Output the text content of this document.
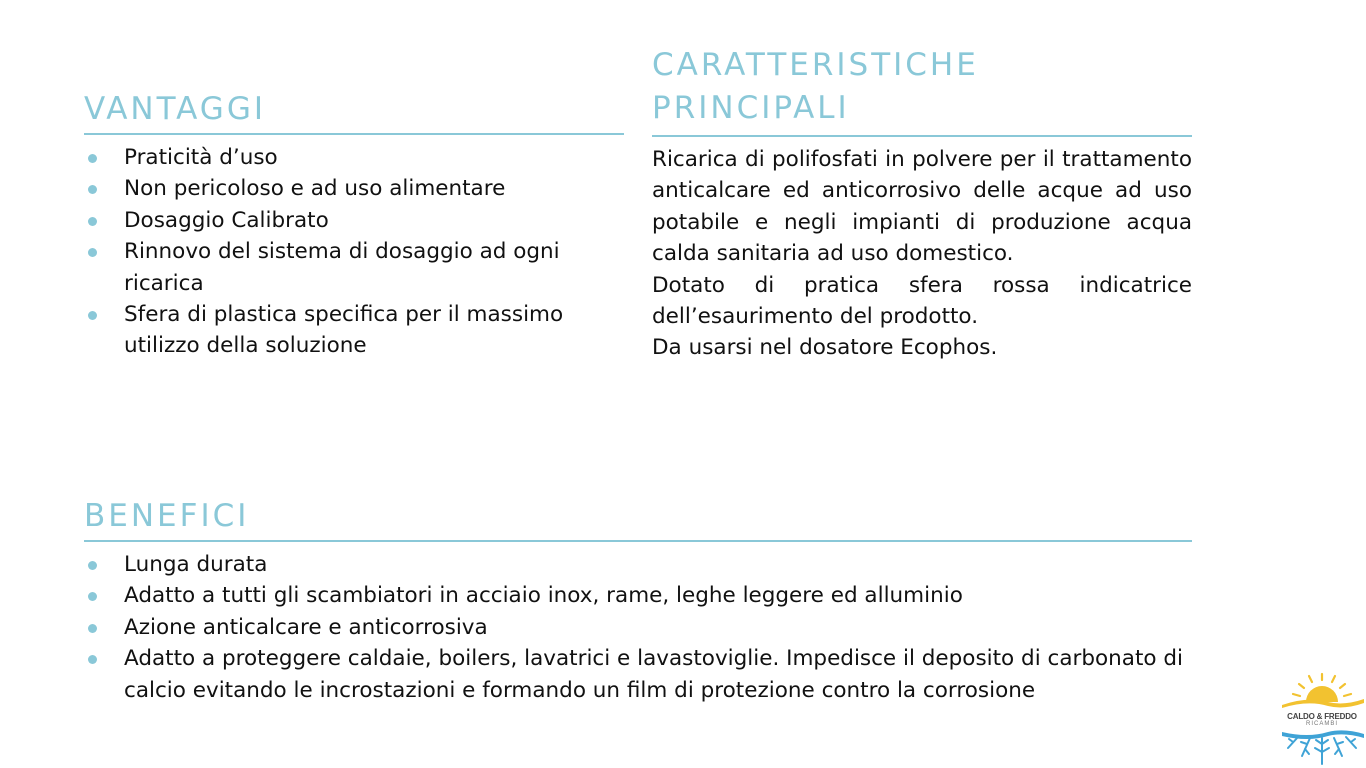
VANTAGGI
Praticità d’uso
Non pericoloso e ad uso alimentare
Dosaggio Calibrato
Rinnovo del sistema di dosaggio ad ogni ricarica
Sfera di plastica specifica per il massimo utilizzo della soluzione
CARATTERISTICHE
PRINCIPALI

Ricarica di polifosfati in polvere per il trattamento anticalcare ed anticorrosivo delle acque ad uso potabile e negli impianti di produzione acqua calda sanitaria ad uso domestico.

Dotato di pratica sfera rossa indicatrice dell’esaurimento del prodotto.

Da usarsi nel dosatore Ecophos.

BENEFICI
Lunga durata
Adatto a tutti gli scambiatori in acciaio inox, rame, leghe leggere ed alluminio
Azione anticalcare e anticorrosiva
Adatto a proteggere caldaie, boilers, lavatrici e lavastoviglie. Impedisce il deposito di carbonato di calcio evitando le incrostazioni e formando un film di protezione contro la corrosione
CALDO & FREDDO
RICAMBI
